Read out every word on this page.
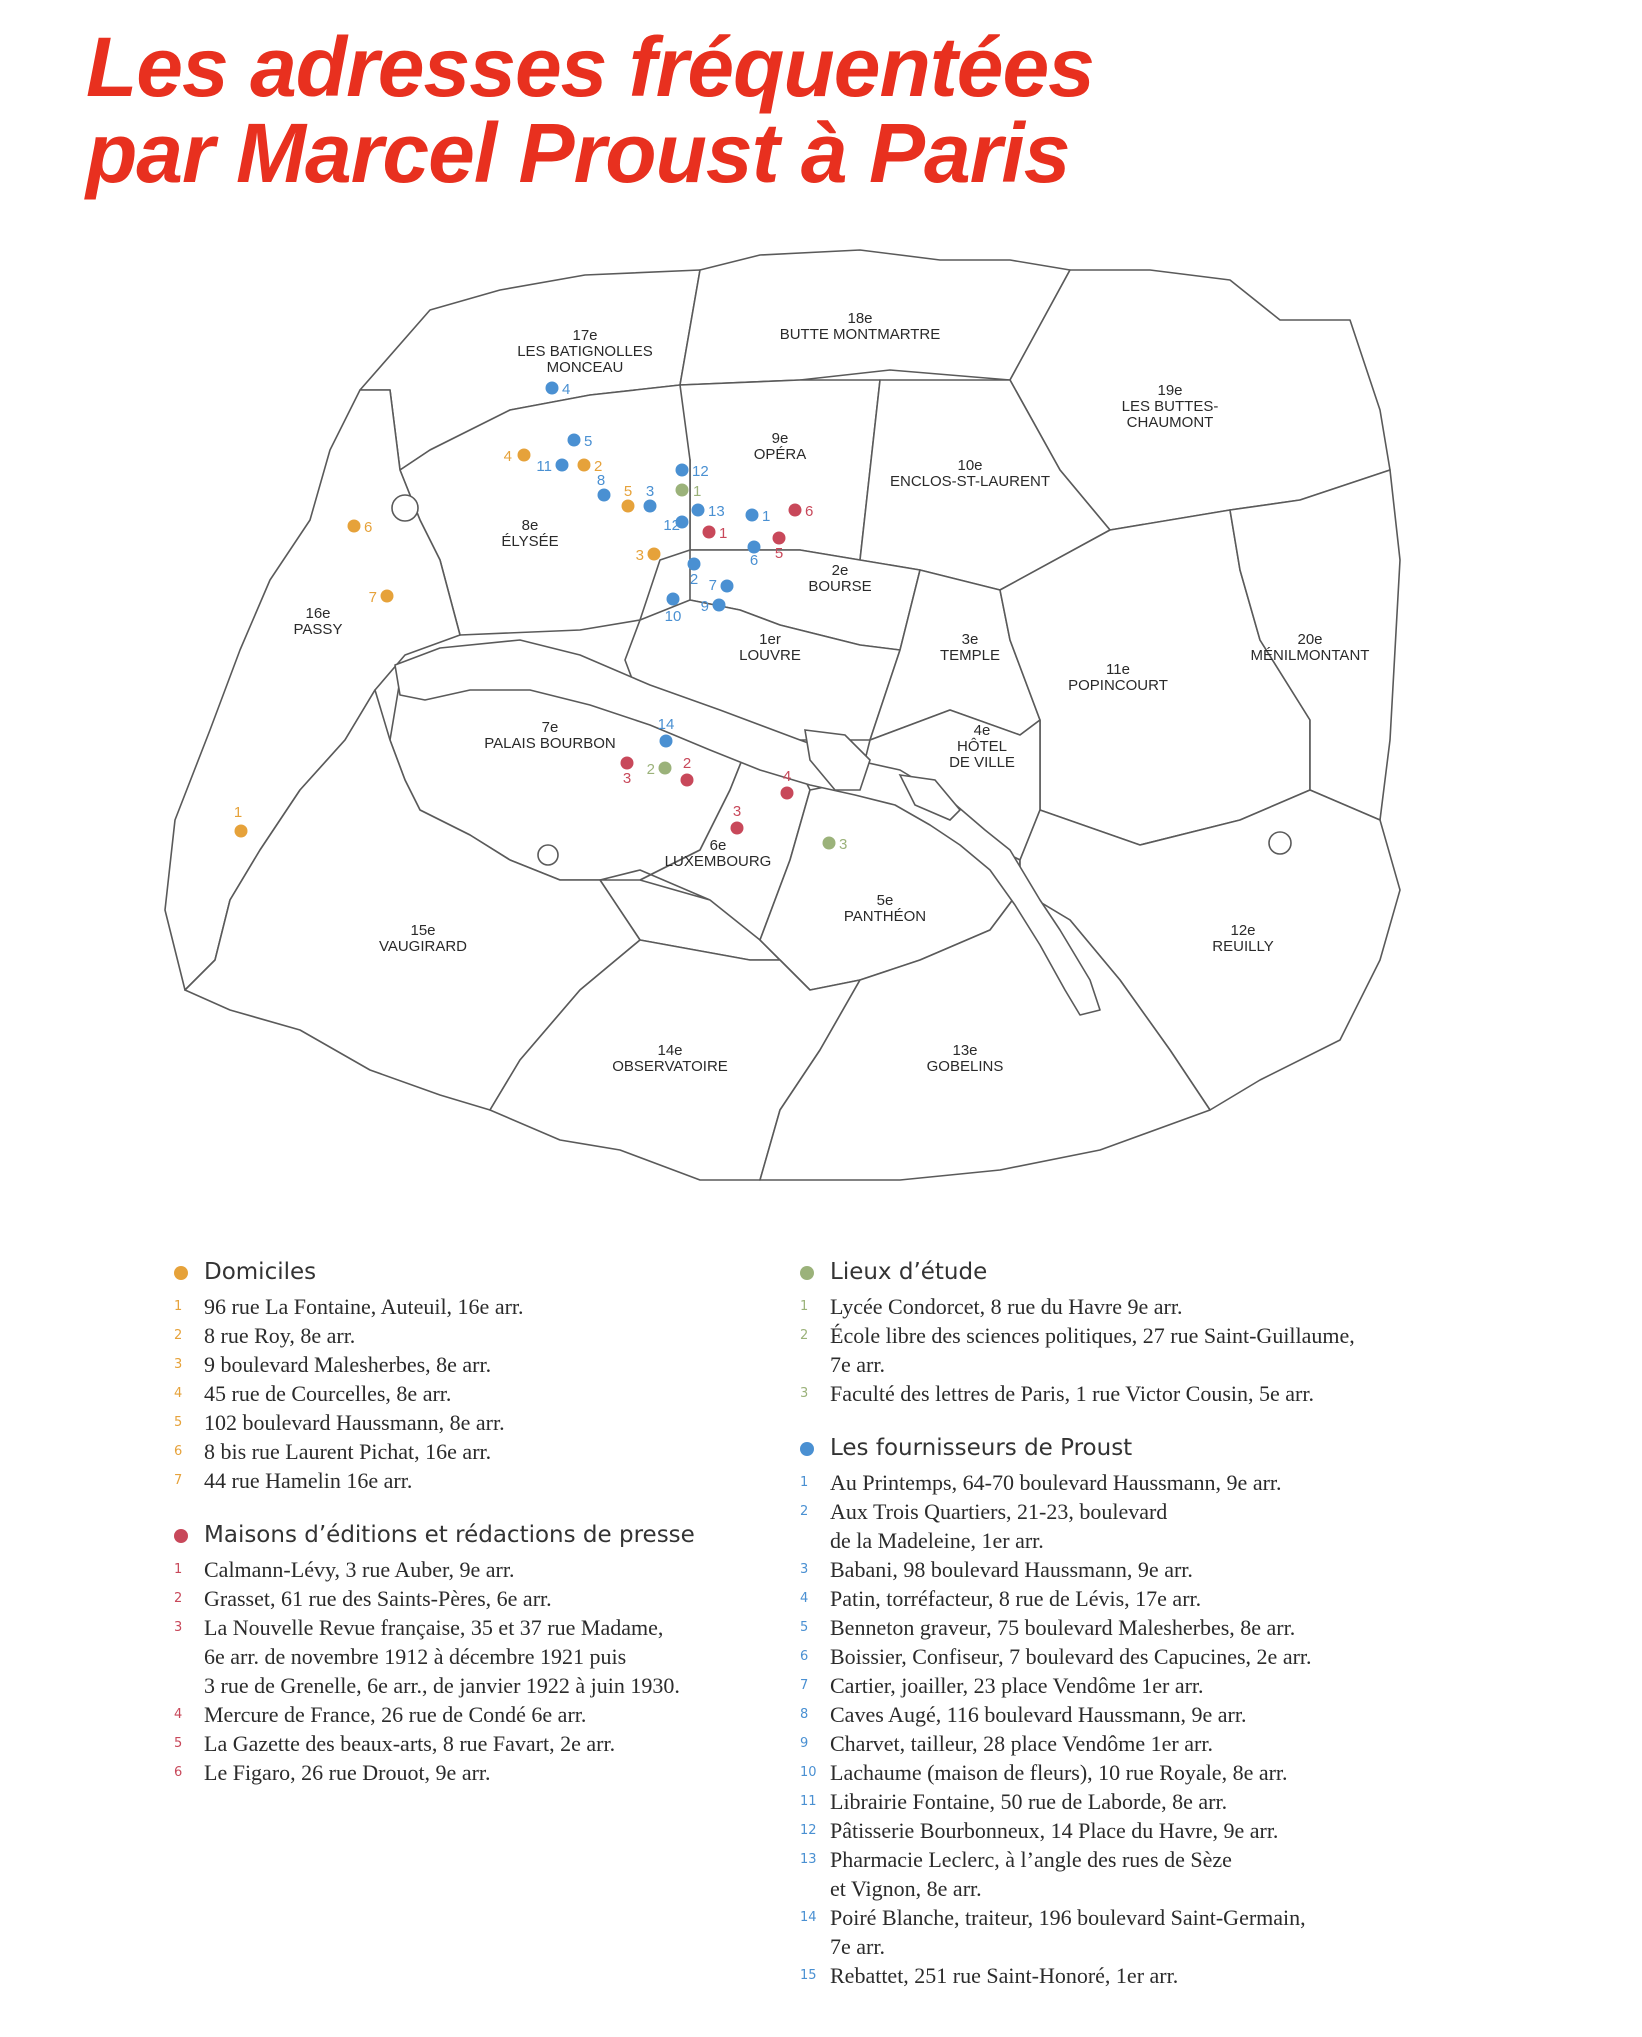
Les adresses fréquentées
par Marcel Proust à Paris
17e
LES BATIGNOLLES
MONCEAU
18e
BUTTE MONTMARTRE
19e
LES BUTTES-
CHAUMONT
9e
OPÉRA
10e
ENCLOS-ST-LAURENT
8e
ÉLYSÉE
2e
BOURSE
16e
PASSY
1er
LOUVRE
3e
TEMPLE
11e
POPINCOURT
20e
MÉNILMONTANT
7e
PALAIS BOURBON
4e
HÔTEL
DE VILLE
6e
LUXEMBOURG
5e
PANTHÉON
15e
VAUGIRARD
12e
REUILLY
14e
OBSERVATOIRE
13e
GOBELINS
4
5
4
11	2
8
5 3
12
1
13
12	1
1 6
5
6
3
2 7
9
10
6
7
14
3
2 2
4
3
3
1
Domiciles
1 96 rue La Fontaine, Auteuil, 16e arr.
2 8 rue Roy, 8e arr.
3 9 boulevard Malesherbes, 8e arr.
4 45 rue de Courcelles, 8e arr.
5 102 boulevard Haussmann, 8e arr.
6 8 bis rue Laurent Pichat, 16e arr.
7 44 rue Hamelin 16e arr.
Maisons d’éditions et rédactions de presse
1 Calmann-Lévy, 3 rue Auber, 9e arr.
2 Grasset, 61 rue des Saints-Pères, 6e arr.
3 La Nouvelle Revue française, 35 et 37 rue Madame,
6e arr. de novembre 1912 à décembre 1921 puis
3 rue de Grenelle, 6e arr., de janvier 1922 à juin 1930.
4 Mercure de France, 26 rue de Condé 6e arr.
5 La Gazette des beaux-arts, 8 rue Favart, 2e arr.
6 Le Figaro, 26 rue Drouot, 9e arr.
Lieux d’étude
1 Lycée Condorcet, 8 rue du Havre 9e arr.
2 École libre des sciences politiques, 27 rue Saint-Guillaume,
7e arr.
3 Faculté des lettres de Paris, 1 rue Victor Cousin, 5e arr.
Les fournisseurs de Proust
1 Au Printemps, 64-70 boulevard Haussmann, 9e arr.
2 Aux Trois Quartiers, 21-23, boulevard
de la Madeleine, 1er arr.
3 Babani, 98 boulevard Haussmann, 9e arr.
4 Patin, torréfacteur, 8 rue de Lévis, 17e arr.
5 Benneton graveur, 75 boulevard Malesherbes, 8e arr.
6 Boissier, Confiseur, 7 boulevard des Capucines, 2e arr.
7 Cartier, joailler, 23 place Vendôme 1er arr.
8 Caves Augé, 116 boulevard Haussmann, 9e arr.
9 Charvet, tailleur, 28 place Vendôme 1er arr.
10 Lachaume (maison de fleurs), 10 rue Royale, 8e arr.
11 Librairie Fontaine, 50 rue de Laborde, 8e arr.
12 Pâtisserie Bourbonneux, 14 Place du Havre, 9e arr.
13 Pharmacie Leclerc, à l’angle des rues de Sèze
et Vignon, 8e arr.
14 Poiré Blanche, traiteur, 196 boulevard Saint-Germain,
7e arr.
15 Rebattet, 251 rue Saint-Honoré, 1er arr.
